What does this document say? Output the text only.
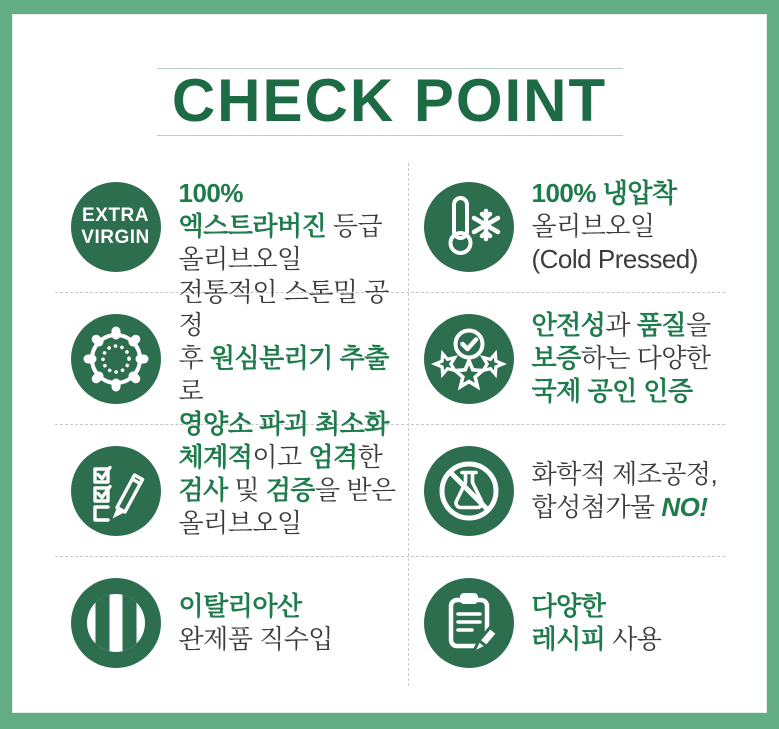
CHECK POINT
EXTRA
VIRGIN
100%
엑스트라버진 등급
올리브오일
100% 냉압착
올리브오일
(Cold Pressed)
전통적인 스톤밀 공정
후 원심분리기 추출로
영양소 파괴 최소화
안전성과 품질을
보증하는 다양한
국제 공인 인증
체계적이고 엄격한
검사 및 검증을 받은
올리브오일
화학적 제조공정,
합성첨가물 NO!
이탈리아산
완제품 직수입
다양한
레시피 사용
